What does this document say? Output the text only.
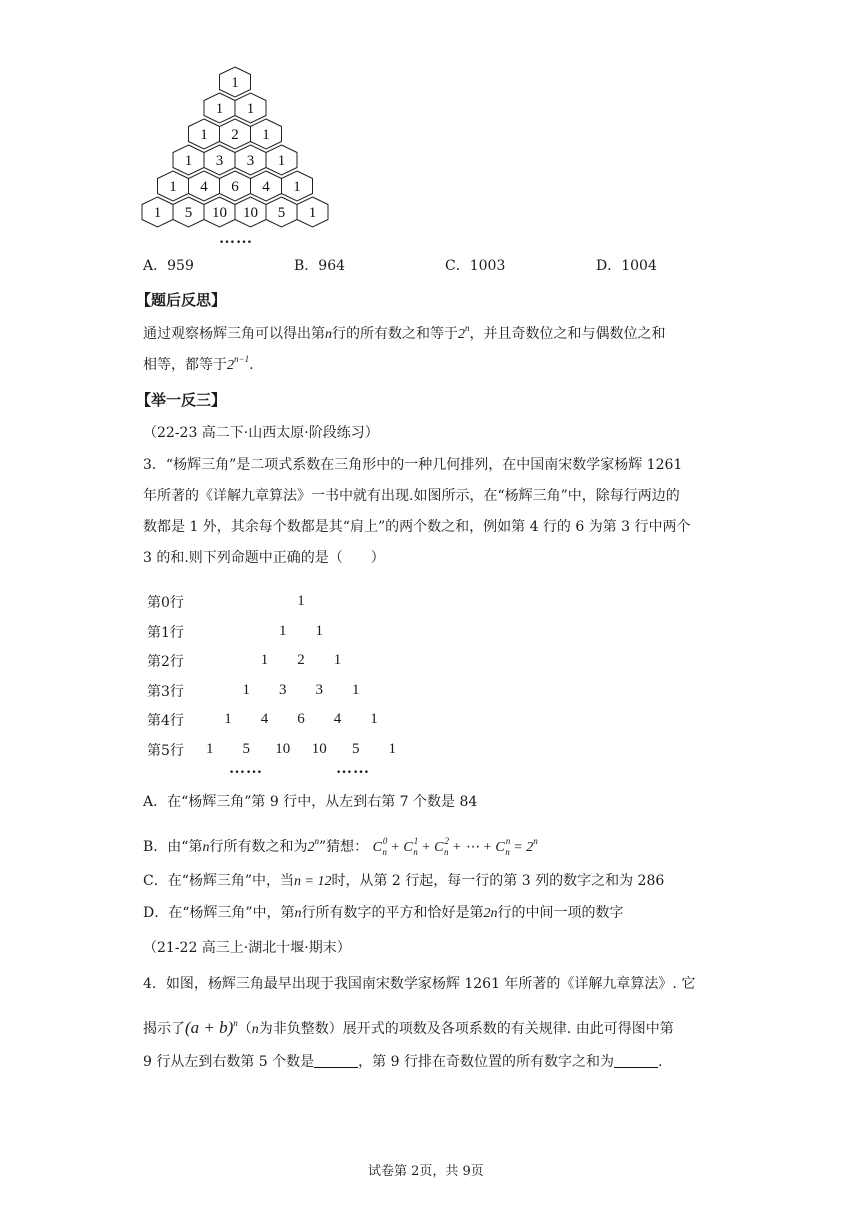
1
1 1
1 2 1
1 3 3 1
1 4 6 4 1
1 5 10 10 5 1
……
A．959	B．964	C．1003	D．1004
【题后反思】
通过观察杨辉三角可以得出第n行的所有数之和等于2$^n$，并且奇数位之和与偶数位之和
相等，都等于$2^{n-1}$.
【举一反三】
（22-23 高二下·山西太原·阶段练习）
3．“杨辉三角”是二项式系数在三角形中的一种几何排列，在中国南宋数学家杨辉 1261
年所著的《详解九章算法》一书中就有出现.如图所示，在“杨辉三角”中，除每行两边的
数都是 1 外，其余每个数都是其“肩上”的两个数之和，例如第 4 行的 6 为第 3 行中两个
3 的和.则下列命题中正确的是（　　）
第0行	1
第1行	1	1
第2行	1	2	1
第3行	1	3	3	1
第4行	1	4	6	4	1
第5行	1	5	10	10	5	1
……	……
A．在“杨辉三角”第 9 行中，从左到右第 7 个数是 84
B．由“第n行所有数之和为2$^n$”猜想： C0n + C1n + C2n + ⋯ + Cnn = $2^n$
C．在“杨辉三角”中，当n = 12时，从第 2 行起，每一行的第 3 列的数字之和为 286
D．在“杨辉三角”中，第n行所有数字的平方和恰好是第2n行的中间一项的数字
（21-22 高三上·湖北十堰·期末）
4．如图，杨辉三角最早出现于我国南宋数学家杨辉 1261 年所著的《详解九章算法》. 它
揭示了$(a + b)^n(n$为非负整数）展开式的项数及各项系数的有关规律. 由此可得图中第
9 行从左到右数第 5 个数是	，第 9 行排在奇数位置的所有数字之和为	.
试卷第 2页，共 9页
